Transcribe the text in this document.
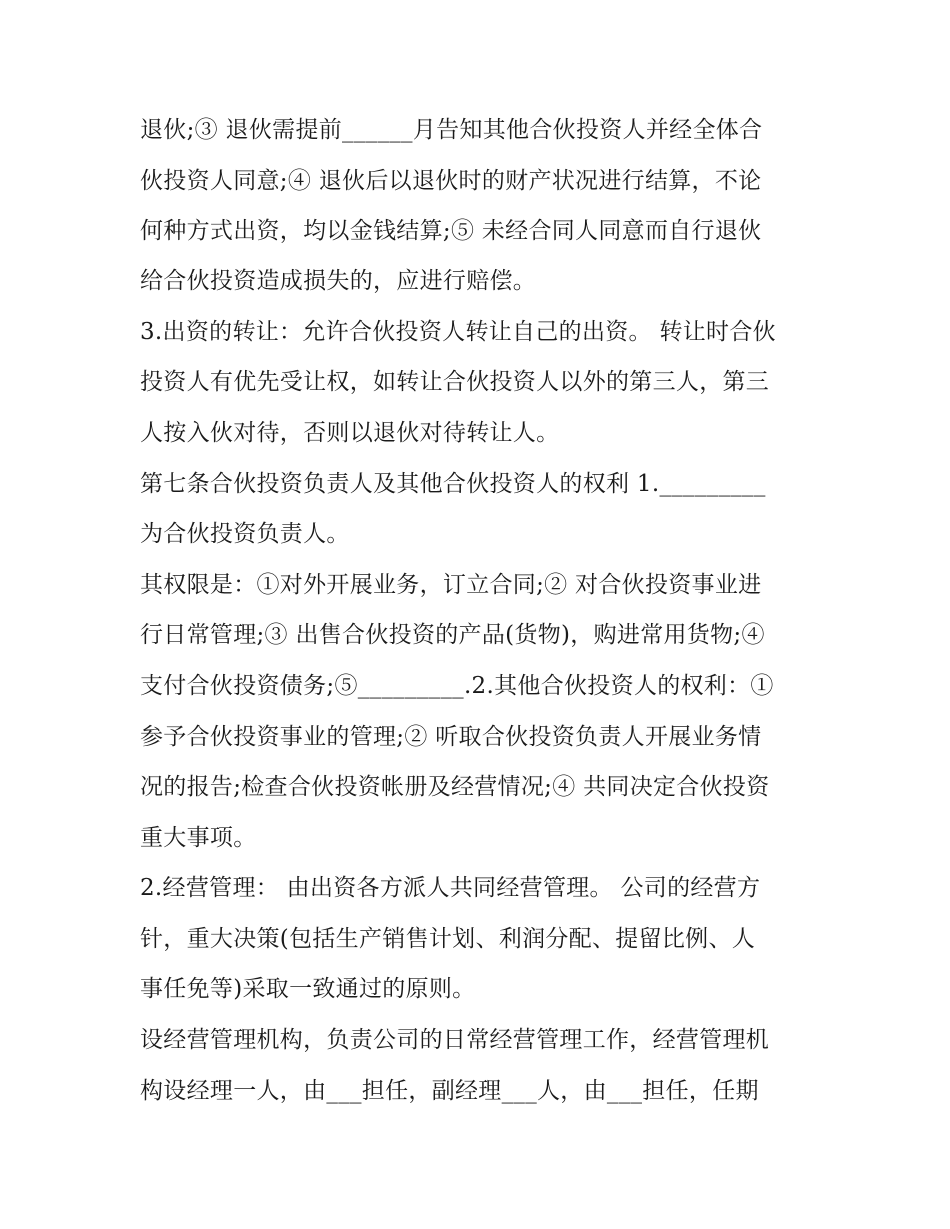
退伙;③ 退伙需提前______月告知其他合伙投资人并经全体合
伙投资人同意;④ 退伙后以退伙时的财产状况进行结算，不论
何种方式出资，均以金钱结算;⑤ 未经合同人同意而自行退伙
给合伙投资造成损失的，应进行赔偿。
3.出资的转让：允许合伙投资人转让自己的出资。 转让时合伙
投资人有优先受让权，如转让合伙投资人以外的第三人，第三
人按入伙对待，否则以退伙对待转让人。
第七条合伙投资负责人及其他合伙投资人的权利 1._________
为合伙投资负责人。
其权限是：①对外开展业务，订立合同;② 对合伙投资事业进
行日常管理;③ 出售合伙投资的产品(货物)，购进常用货物;④
支付合伙投资债务;⑤_________.2.其他合伙投资人的权利：①
参予合伙投资事业的管理;② 听取合伙投资负责人开展业务情
况的报告;检查合伙投资帐册及经营情况;④ 共同决定合伙投资
重大事项。
2.经营管理： 由出资各方派人共同经营管理。 公司的经营方
针，重大决策(包括生产销售计划、利润分配、提留比例、人
事任免等)采取一致通过的原则。
设经营管理机构，负责公司的日常经营管理工作，经营管理机
构设经理一人，由___担任，副经理___人，由___担任，任期
